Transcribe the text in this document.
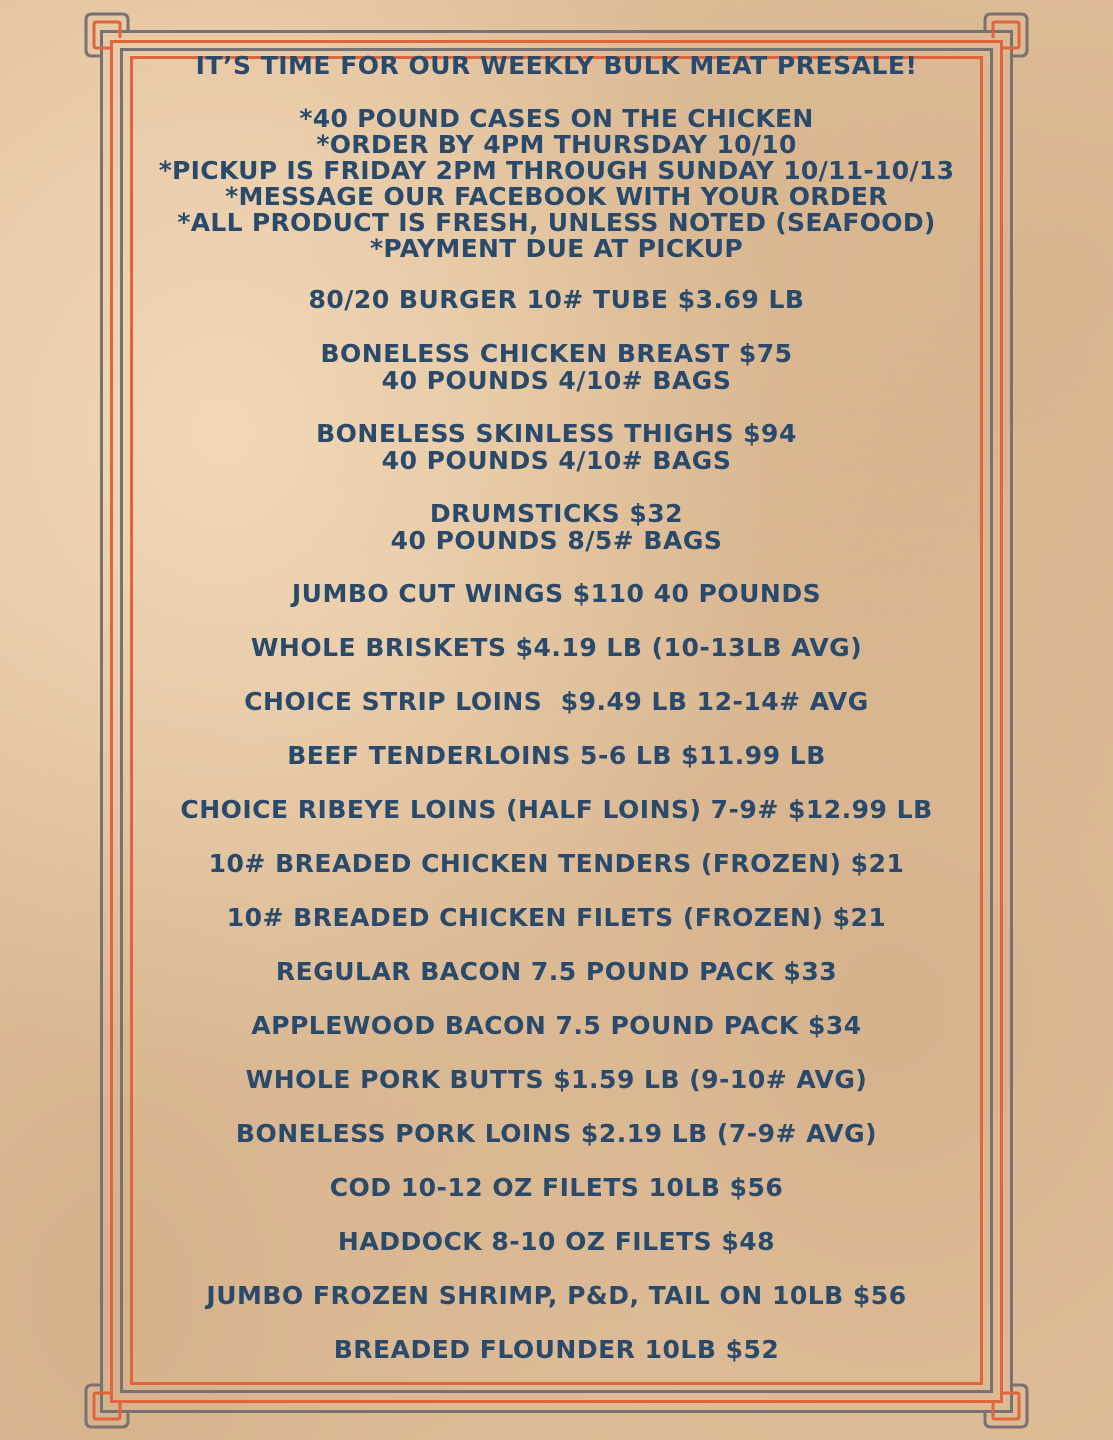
IT’S TIME FOR OUR WEEKLY BULK MEAT PRESALE!

*40 POUND CASES ON THE CHICKEN

*ORDER BY 4PM THURSDAY 10/10

*PICKUP IS FRIDAY 2PM THROUGH SUNDAY 10/11-10/13

*MESSAGE OUR FACEBOOK WITH YOUR ORDER

*ALL PRODUCT IS FRESH, UNLESS NOTED (SEAFOOD)

*PAYMENT DUE AT PICKUP

80/20 BURGER 10# TUBE $3.69 LB

BONELESS CHICKEN BREAST $75

40 POUNDS 4/10# BAGS

BONELESS SKINLESS THIGHS $94

40 POUNDS 4/10# BAGS

DRUMSTICKS $32

40 POUNDS 8/5# BAGS

JUMBO CUT WINGS $110 40 POUNDS

WHOLE BRISKETS $4.19 LB (10-13LB AVG)

CHOICE STRIP LOINS  $9.49 LB 12-14# AVG

BEEF TENDERLOINS 5-6 LB $11.99 LB

CHOICE RIBEYE LOINS (HALF LOINS) 7-9# $12.99 LB

10# BREADED CHICKEN TENDERS (FROZEN) $21

10# BREADED CHICKEN FILETS (FROZEN) $21

REGULAR BACON 7.5 POUND PACK $33

APPLEWOOD BACON 7.5 POUND PACK $34

WHOLE PORK BUTTS $1.59 LB (9-10# AVG)

BONELESS PORK LOINS $2.19 LB (7-9# AVG)

COD 10-12 OZ FILETS 10LB $56

HADDOCK 8-10 OZ FILETS $48

JUMBO FROZEN SHRIMP, P&D, TAIL ON 10LB $56

BREADED FLOUNDER 10LB $52
